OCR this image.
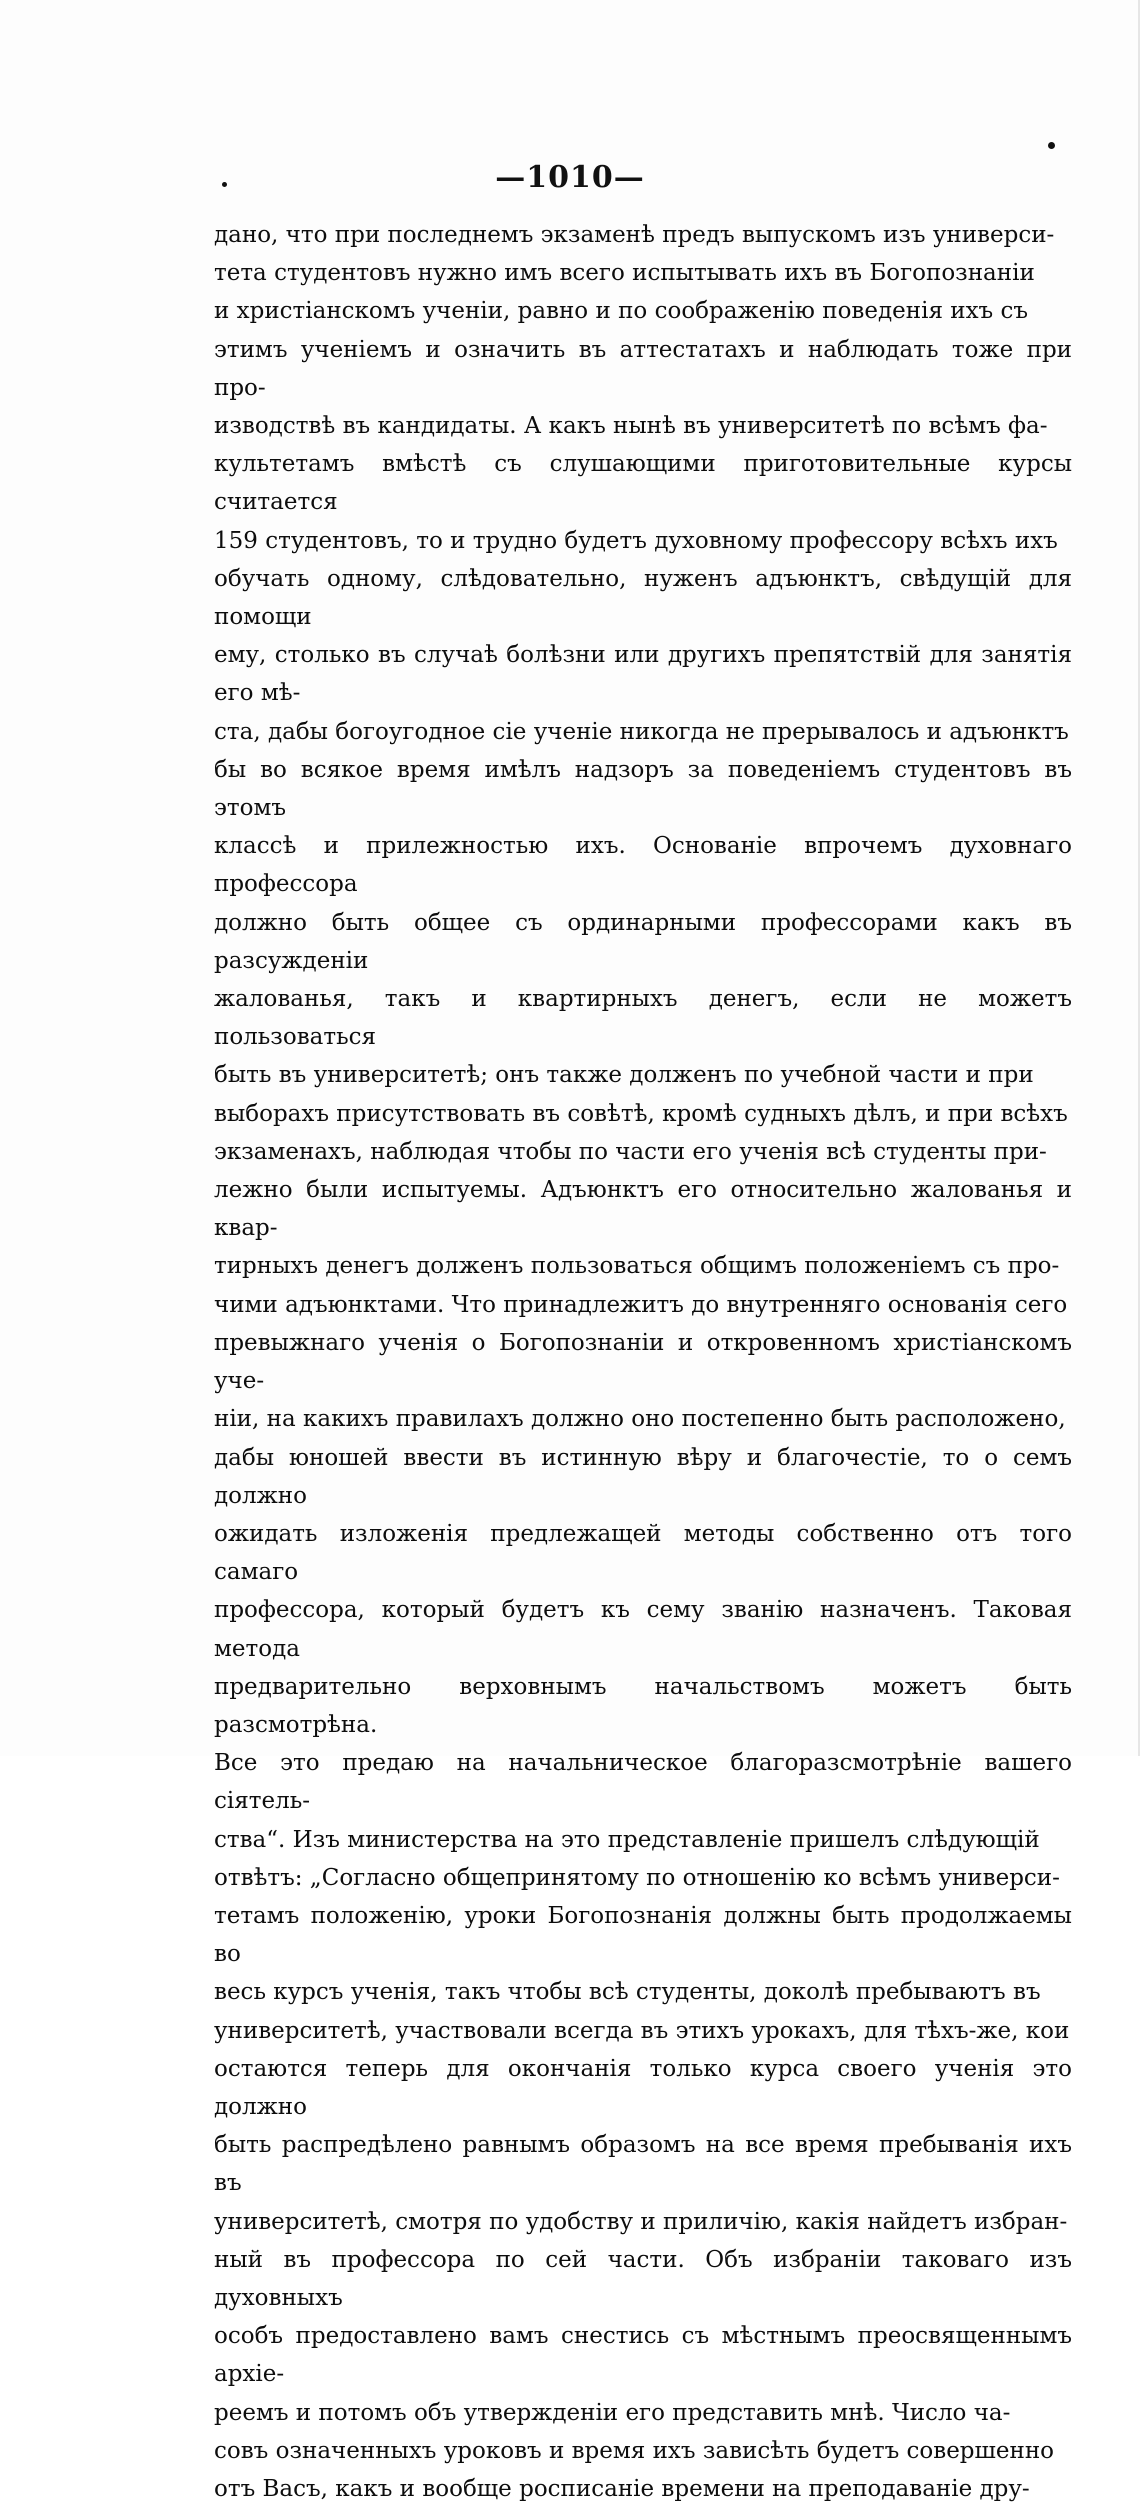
—1010—

дано, что при последнемъ экзаменѣ предъ выпускомъ изъ универси-
тета студентовъ нужно имъ всего испытывать ихъ въ Богопознаніи
и христіанскомъ ученіи, равно и по соображенію поведенія ихъ съ
этимъ ученіемъ и означить въ аттестатахъ и наблюдать тоже при про-
изводствѣ въ кандидаты. А какъ нынѣ въ университетѣ по всѣмъ фа-
культетамъ вмѣстѣ съ слушающими приготовительные курсы считается
159 студентовъ, то и трудно будетъ духовному профессору всѣхъ ихъ
обучать одному, слѣдовательно, нуженъ адъюнктъ, свѣдущій для помощи
ему, столько въ случаѣ болѣзни или другихъ препятствій для занятія его мѣ-
ста, дабы богоугодное сіе ученіе никогда не прерывалось и адъюнктъ
бы во всякое время имѣлъ надзоръ за поведеніемъ студентовъ въ этомъ
классѣ и прилежностью ихъ. Основаніе впрочемъ духовнаго профессора
должно быть общее съ ординарными профессорами какъ въ разсужденіи
жалованья, такъ и квартирныхъ денегъ, если не можетъ пользоваться
быть въ университетѣ; онъ также долженъ по учебной части и при
выборахъ присутствовать въ совѣтѣ, кромѣ судныхъ дѣлъ, и при всѣхъ
экзаменахъ, наблюдая чтобы по части его ученія всѣ студенты при-
лежно были испытуемы. Адъюнктъ его относительно жалованья и квар-
тирныхъ денегъ долженъ пользоваться общимъ положеніемъ съ про-
чими адъюнктами. Что принадлежитъ до внутренняго основанія сего
превыжнаго ученія о Богопознаніи и откровенномъ христіанскомъ уче-
ніи, на какихъ правилахъ должно оно постепенно быть расположено,
дабы юношей ввести въ истинную вѣру и благочестіе, то о семъ должно
ожидать изложенія предлежащей методы собственно отъ того самаго
профессора, который будетъ къ сему званію назначенъ. Таковая метода
предварительно верховнымъ начальствомъ можетъ быть разсмотрѣна.
Все это предаю на начальническое благоразсмотрѣніе вашего сіятель-
ства“. Изъ министерства на это представленіе пришелъ слѣдующій
отвѣтъ: „Согласно общепринятому по отношенію ко всѣмъ универси-
тетамъ положенію, уроки Богопознанія должны быть продолжаемы во
весь курсъ ученія, такъ чтобы всѣ студенты, доколѣ пребываютъ въ
университетѣ, участвовали всегда въ этихъ урокахъ, для тѣхъ-же, кои
остаются теперь для окончанія только курса своего ученія это должно
быть распредѣлено равнымъ образомъ на все время пребыванія ихъ въ
университетѣ, смотря по удобству и приличію, какія найдетъ избран-
ный въ профессора по сей части. Объ избраніи таковаго изъ духовныхъ
особъ предоставлено вамъ снестись съ мѣстнымъ преосвященнымъ архіе-
реемъ и потомъ объ утвержденіи его представить мнѣ. Число ча-
совъ означенныхъ уроковъ и время ихъ зависѣть будетъ совершенно
отъ Васъ, какъ и вообще росписаніе времени на преподаваніе дру-
